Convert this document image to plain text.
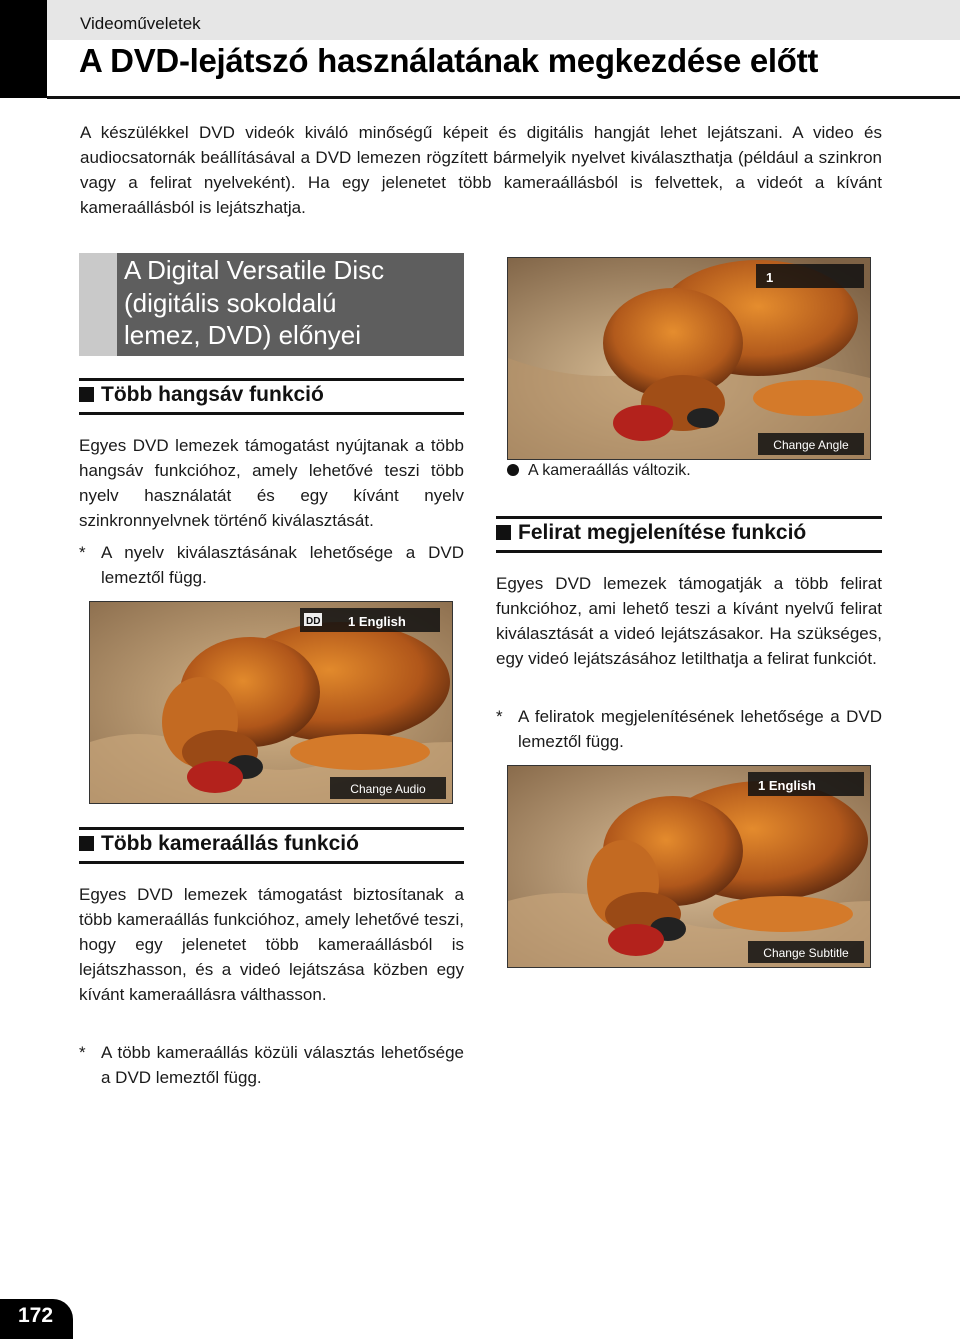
Videoműveletek
A DVD-lejátszó használatának megkezdése előtt
A készülékkel DVD videók kiváló minőségű képeit és digitális hangját lehet lejátszani. A video és audiocsatornák beállításával a DVD lemezen rögzített bármelyik nyelvet kiválaszthatja (például a szinkron vagy a felirat nyelveként). Ha egy jelenetet több kameraállásból is felvettek, a videót a kívánt kameraállásból is lejátszhatja.
A Digital Versatile Disc
(digitális sokoldalú
lemez, DVD) előnyei
Több hangsáv funkció
Egyes DVD lemezek támogatást nyújtanak a több hangsáv funkcióhoz, amely lehetővé teszi több nyelv használatát és egy kívánt nyelv szinkronnyelvnek történő kiválasztását.
* A nyelv kiválasztásának lehetősége a DVD lemeztől függ.
DD 1 English
Change Audio
Több kameraállás funkció
Egyes DVD lemezek támogatást biztosítanak a több kameraállás funkcióhoz, amely lehetővé teszi, hogy egy jelenetet több kameraállásból is lejátszhasson, és a videó lejátszása közben egy kívánt kameraállásra válthasson.
* A több kameraállás közüli választás lehetősége a DVD lemeztől függ.
1
Change Angle
A kameraállás változik.
Felirat megjelenítése funkció
Egyes DVD lemezek támogatják a több felirat funkcióhoz, ami lehető teszi a kívánt nyelvű felirat kiválasztását a videó lejátszásakor. Ha szükséges, egy videó lejátszásához letilthatja a felirat funkciót.
* A feliratok megjelenítésének lehetősége a DVD lemeztől függ.
1 English
Change Subtitle
172
